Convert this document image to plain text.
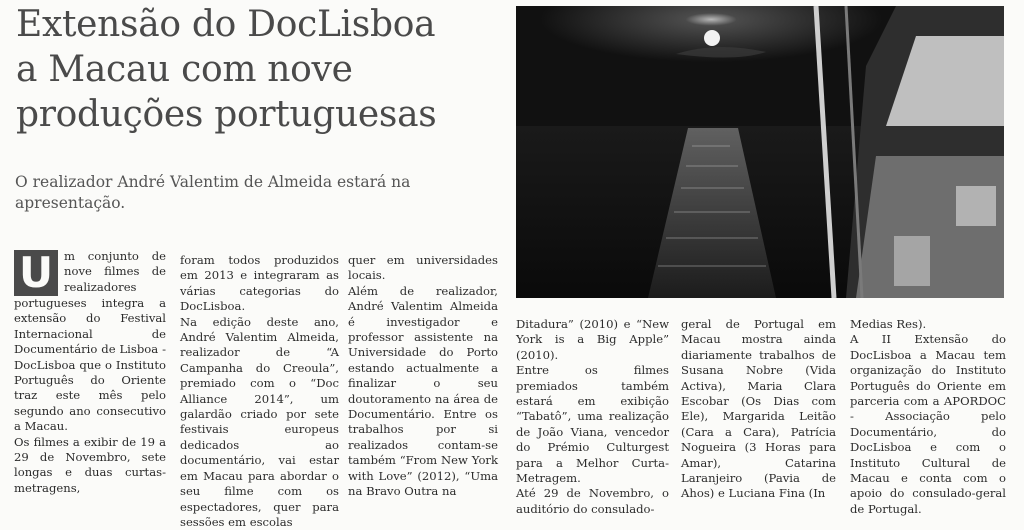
Extensão do DocLisboa
a Macau com nove
produções portuguesas
O realizador André Valentim de Almeida estará na apresentação.
U m conjunto de nove filmes de realizadores

portugueses integra a extensão do Festival Internacional de Documentário de Lisboa - DocLisboa que o Instituto Português do Oriente traz este mês pelo segundo ano consecutivo a Macau.

Os filmes a exibir de 19 a 29 de Novembro, sete longas e duas curtas-metragens,

foram todos produzidos em 2013 e integraram as várias categorias do DocLisboa.

Na edição deste ano, André Valentim Almeida, realizador de “A Campanha do Creoula”, premiado com o “Doc Alliance 2014”, um galardão criado por sete festivais europeus dedicados ao documentário, vai estar em Macau para abordar o seu filme com os espectadores, quer para sessões em escolas

quer em universidades locais.

Além de realizador, André Valentim Almeida é investigador e professor assistente na Universidade do Porto estando actualmente a finalizar o seu doutoramento na área de Documentário. Entre os trabalhos por si realizados contam-se também “From New York with Love” (2012), “Uma na Bravo Outra na

Ditadura” (2010) e “New York is a Big Apple” (2010).

Entre os filmes premiados também estará em exibição “Tabatô”, uma realização de João Viana, vencedor do Prémio Culturgest para a Melhor Curta-Metragem.

Até 29 de Novembro, o auditório do consulado-

geral de Portugal em Macau mostra ainda diariamente trabalhos de Susana Nobre (Vida Activa), Maria Clara Escobar (Os Dias com Ele), Margarida Leitão (Cara a Cara), Patrícia Nogueira (3 Horas para Amar), Catarina Laranjeiro (Pavia de Ahos) e Luciana Fina (In

Medias Res).

A II Extensão do DocLisboa a Macau tem organização do Instituto Português do Oriente em parceria com a APORDOC - Associação pelo Documentário, do DocLisboa e com o Instituto Cultural de Macau e conta com o apoio do consulado-geral de Portugal.
